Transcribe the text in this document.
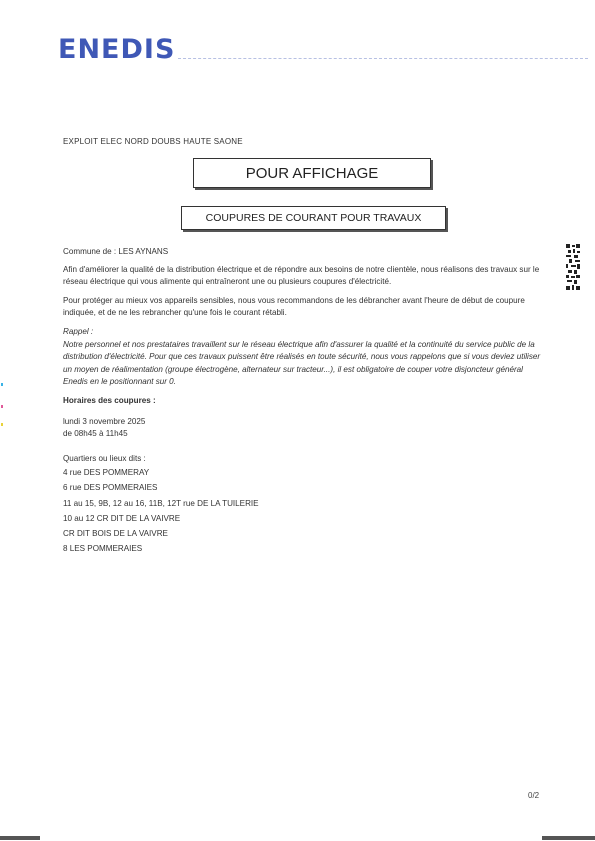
ENEDIS
EXPLOIT ELEC NORD DOUBS HAUTE SAONE
POUR AFFICHAGE
COUPURES DE COURANT POUR TRAVAUX

Commune de : LES AYNANS

Afin d'améliorer la qualité de la distribution électrique et de répondre aux besoins de notre clientèle, nous réalisons des travaux sur le réseau électrique qui vous alimente qui entraîneront une ou plusieurs coupures d'électricité.

Pour protéger au mieux vos appareils sensibles, nous vous recommandons de les débrancher avant l'heure de début de coupure indiquée, et de ne les rebrancher qu'une fois le courant rétabli.

Rappel :

Notre personnel et nos prestataires travaillent sur le réseau électrique afin d'assurer la qualité et la continuité du service public de la distribution d'électricité. Pour que ces travaux puissent être réalisés en toute sécurité, nous vous rappelons que si vous deviez utiliser un moyen de réalimentation (groupe électrogène, alternateur sur tracteur...), il est obligatoire de couper votre disjoncteur général Enedis en le positionnant sur 0.

Horaires des coupures :

lundi 3 novembre 2025

de 08h45 à 11h45

Quartiers ou lieux dits :

4 rue DES POMMERAY

6 rue DES POMMERAIES

11 au 15, 9B, 12 au 16, 11B, 12T rue DE LA TUILERIE

10 au 12 CR DIT DE LA VAIVRE

CR DIT BOIS DE LA VAIVRE

8 LES POMMERAIES

0/2
